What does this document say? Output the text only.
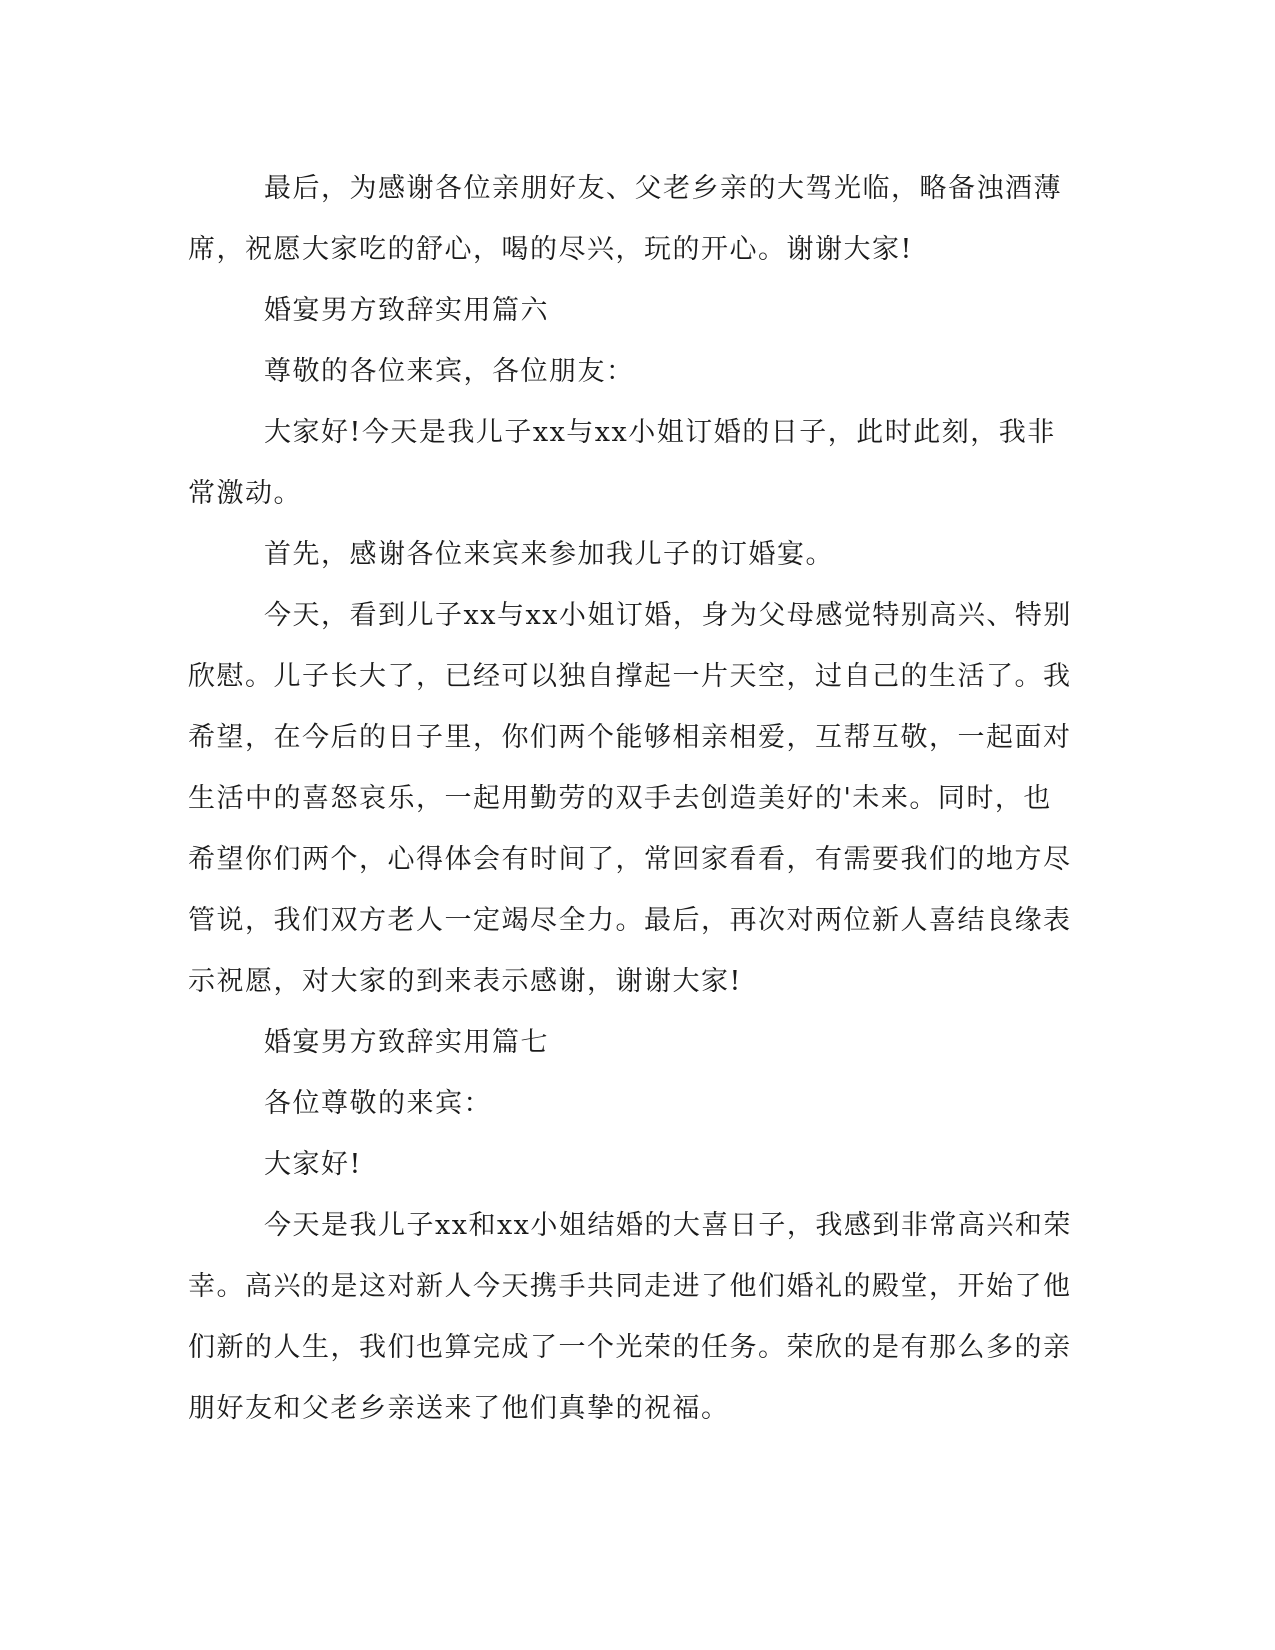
最后，为感谢各位亲朋好友、父老乡亲的大驾光临，略备浊酒薄席，祝愿大家吃的舒心，喝的尽兴，玩的开心。谢谢大家!

婚宴男方致辞实用篇六

尊敬的各位来宾，各位朋友：

大家好!今天是我儿子xx与xx小姐订婚的日子，此时此刻，我非常激动。

首先，感谢各位来宾来参加我儿子的订婚宴。

今天，看到儿子xx与xx小姐订婚，身为父母感觉特别高兴、特别欣慰。儿子长大了，已经可以独自撑起一片天空，过自己的生活了。我希望，在今后的日子里，你们两个能够相亲相爱，互帮互敬，一起面对生活中的喜怒哀乐，一起用勤劳的双手去创造美好的'未来。同时，也希望你们两个，心得体会有时间了，常回家看看，有需要我们的地方尽管说，我们双方老人一定竭尽全力。最后，再次对两位新人喜结良缘表示祝愿，对大家的到来表示感谢，谢谢大家!

婚宴男方致辞实用篇七

各位尊敬的来宾：

大家好!

今天是我儿子xx和xx小姐结婚的大喜日子，我感到非常高兴和荣幸。高兴的是这对新人今天携手共同走进了他们婚礼的殿堂，开始了他们新的人生，我们也算完成了一个光荣的任务。荣欣的是有那么多的亲朋好友和父老乡亲送来了他们真挚的祝福。
